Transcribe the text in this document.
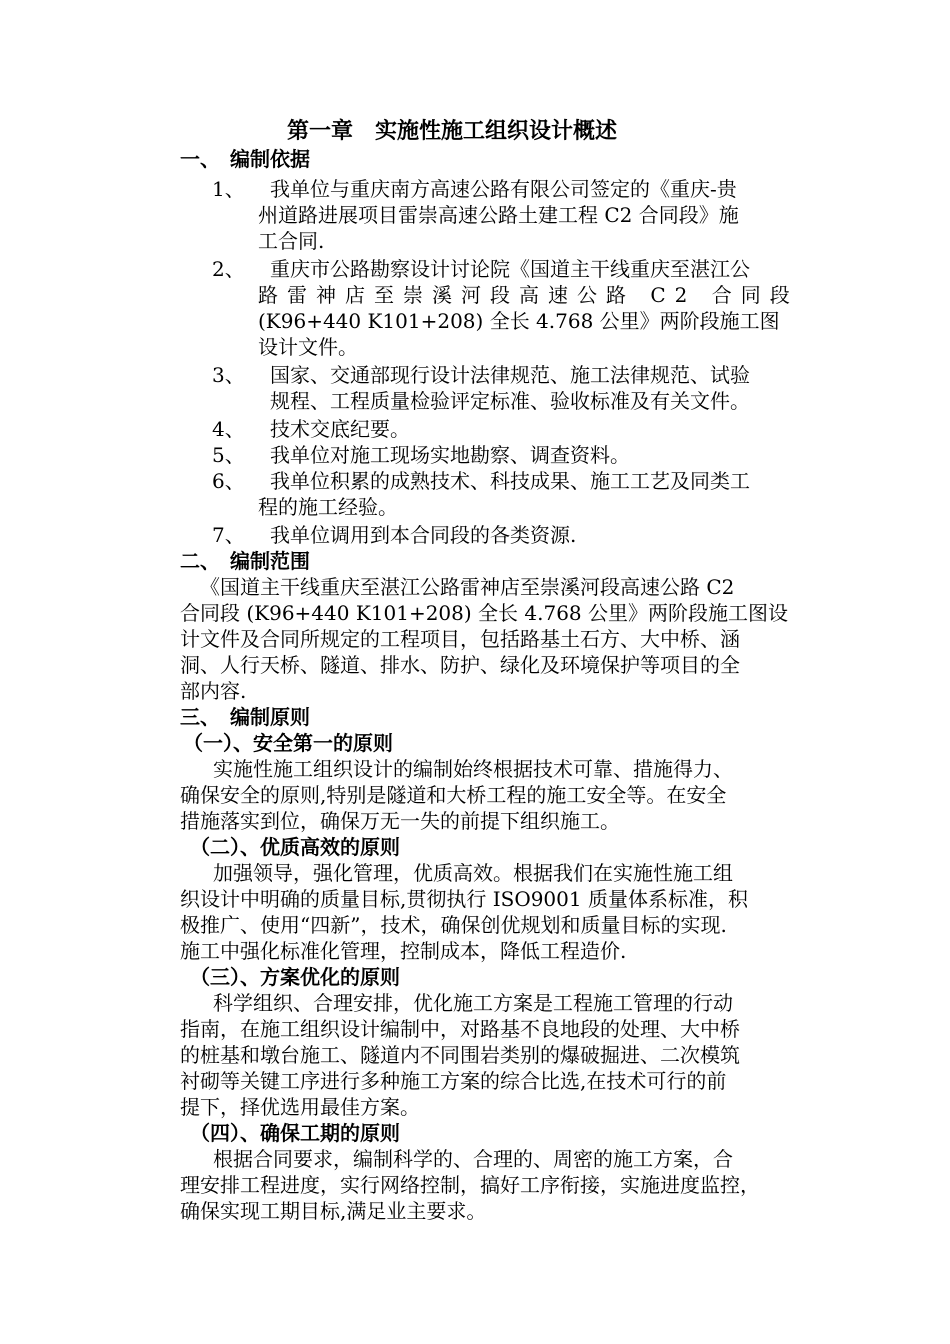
第一章　实施性施工组织设计概述
一、　编制依据
1、 我单位与重庆南方高速公路有限公司签定的《重庆-贵
州道路进展项目雷崇高速公路土建工程 C2 合同段》施
工合同.
2、 重庆市公路勘察设计讨论院《国道主干线重庆至湛江公
路雷神店至崇溪河段高速公路 C2 合同段
(K96+440 K101+208) 全长 4.768 公里》两阶段施工图
设计文件。
3、 国家、交通部现行设计法律规范、施工法律规范、试验
规程、工程质量检验评定标准、验收标准及有关文件。
4、 技术交底纪要。
5、 我单位对施工现场实地勘察、调查资料。
6、 我单位积累的成熟技术、科技成果、施工工艺及同类工
程的施工经验。
7、 我单位调用到本合同段的各类资源.
二、　编制范围
《国道主干线重庆至湛江公路雷神店至崇溪河段高速公路 C2
合同段 (K96+440 K101+208) 全长 4.768 公里》两阶段施工图设
计文件及合同所规定的工程项目，包括路基土石方、大中桥、涵
洞、人行天桥、隧道、排水、防护、绿化及环境保护等项目的全
部内容.
三、　编制原则
（一）、安全第一的原则
实施性施工组织设计的编制始终根据技术可靠、措施得力、
确保安全的原则,特别是隧道和大桥工程的施工安全等。在安全
措施落实到位，确保万无一失的前提下组织施工。
（二）、优质高效的原则
加强领导，强化管理，优质高效。根据我们在实施性施工组
织设计中明确的质量目标,贯彻执行 ISO9001 质量体系标准，积
极推广、使用“四新”，技术，确保创优规划和质量目标的实现.
施工中强化标准化管理，控制成本，降低工程造价.
（三）、方案优化的原则
科学组织、合理安排，优化施工方案是工程施工管理的行动
指南，在施工组织设计编制中，对路基不良地段的处理、大中桥
的桩基和墩台施工、隧道内不同围岩类别的爆破掘进、二次模筑
衬砌等关键工序进行多种施工方案的综合比选,在技术可行的前
提下，择优选用最佳方案。
（四）、确保工期的原则
根据合同要求，编制科学的、合理的、周密的施工方案，合
理安排工程进度，实行网络控制，搞好工序衔接，实施进度监控，
确保实现工期目标,满足业主要求。
